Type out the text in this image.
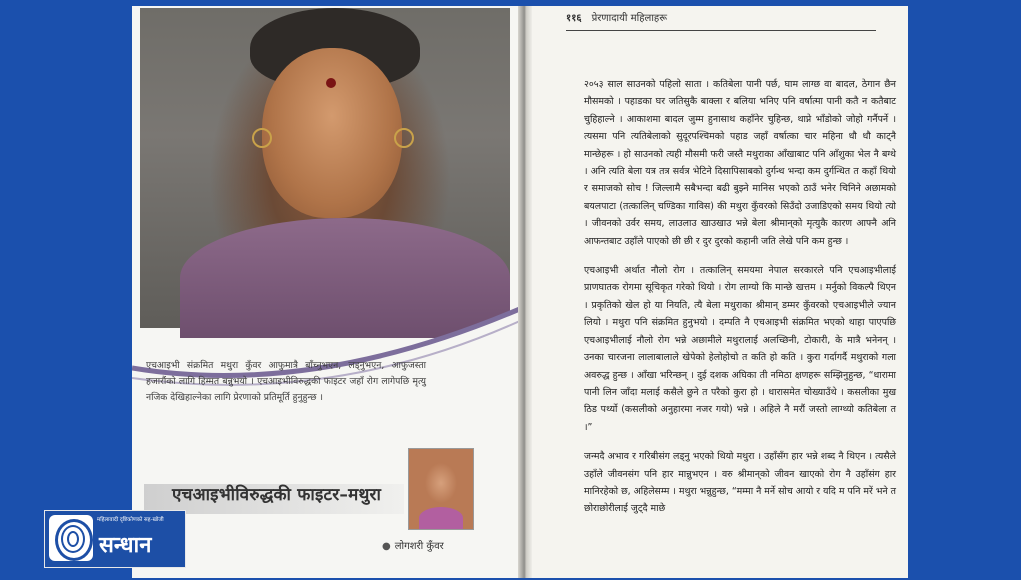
एचआइभी संक्रमित मथुरा कुँवर आफुमात्रै बाँच्नुभएन, लड्नुभएन, आफुजस्ता हजारौंको लागि हिम्मत बन्नुभयो । एचआइभीविरुद्धकी फाइटर जहाँ रोग लागेपछि मृत्यु नजिक देखिहाल्नेका लागि प्रेरणाको प्रतिमूर्ति हुनुहुन्छ ।
एचआइभीविरुद्धकी फाइटर–मथुरा
● लोगशरी कुँवर
११६ प्रेरणादायी महिलाहरू

२०५३ साल साउनको पहिलो साता । कतिबेला पानी पर्छ, घाम लाग्छ वा बादल, ठेगान छैन मौसमको । पहाडका घर जतिसुकै बाक्ला र बलिया भनिए पनि वर्षात्मा पानी कतै न कतैबाट चुहिहाल्ने । आकाशमा बादल जुम्म हुनासाथ कहाँनेर चुहिन्छ, थाप्ने भाँडोको जोहो गर्नैपर्ने । त्यसमा पनि त्यतिबेलाको सुदूरपश्चिमको पहाड जहाँ वर्षात्का चार महिना धौ धौ काट्नै मान्छेहरू । हो साउनको त्यही मौसमी फरी जस्तै मथुराका आँखाबाट पनि आँशुका भेल नै बग्थे । अनि त्यति बेला यत्र तत्र सर्वत्र भेटिने दिसापिसाबको दुर्गन्ध भन्दा कम दुर्गन्धित त कहाँ थियो र समाजको सोच ! जिल्लामै सबैभन्दा बढी बुझ्ने मानिस भएको ठाउँ भनेर चिनिने अछामको बयलपाटा (तत्कालिन् चण्डिका गाविस) की मथुरा कुँवरको सिउँदो उजाडिएको समय थियो त्यो । जीवनको उर्वर समय, लाउलाउ खाउखाउ भन्ने बेला श्रीमान्‌को मृत्युकै कारण आफ्नै अनि आफन्तबाट उहाँले पाएको छी छी र दुर दुरको कहानी जति लेखे पनि कम हुन्छ ।

एचआइभी अर्थात नौलो रोग । तत्कालिन् समयमा नेपाल सरकारले पनि एचआइभीलाई प्राणघातक रोगमा सूचिकृत गरेको थियो । रोग लाग्यो कि मान्छे खत्तम । मर्नुको विकल्पै थिएन । प्रकृतिको खेल हो या नियति, त्यै बेला मथुराका श्रीमान् डम्मर कुँवरको एचआइभीले ज्यान लियो । मथुरा पनि संक्रमित हुनुभयो । दम्पति नै एचआइभी संक्रमित भएको थाहा पाएपछि एचआइभीलाई नौलो रोग भन्ने अछामीले मथुरालाई अलच्छिनी, टोकारी, के मात्रै भनेनन् । उनका चारजना लालाबालाले खेपेको हेलोहोचो त कति हो कति । कुरा गर्दागर्दै मथुराको गला अवरुद्ध हुन्छ । आँखा भरिन्छन् । दुई दशक अघिका ती नमिठा क्षणहरू सम्झिनुहुन्छ, “धारामा पानी लिन जाँदा मलाई कसैले छुने त परैको कुरा हो । धारासमेत चोख्याउँथे । कसलीका मुख ठिड पर्थ्यो (कसलीको अनुहारमा नजर गयो) भन्ने । अहिले नै मरौं जस्तो लाग्थ्यो कतिबेला त ।”

जन्मदै अभाव र गरिबीसंग लड्नु भएको थियो मथुरा । उहाँसँग हार भन्ने शब्द नै थिएन । त्यसैले उहाँले जीवनसंग पनि हार मान्नुभएन । वरु श्रीमान्‌को जीवन खाएको रोग नै उहाँसंग हार मानिरहेको छ, अहिलेसम्म । मथुरा भन्नुहुन्छ, “मम्मा नै मर्ने सोच आयो र यदि म पनि मरें भने त छोराछोरीलाई जुट्दै माछे

महिलावादी दृष्टिकोणको सह-खोजी
सन्धान
